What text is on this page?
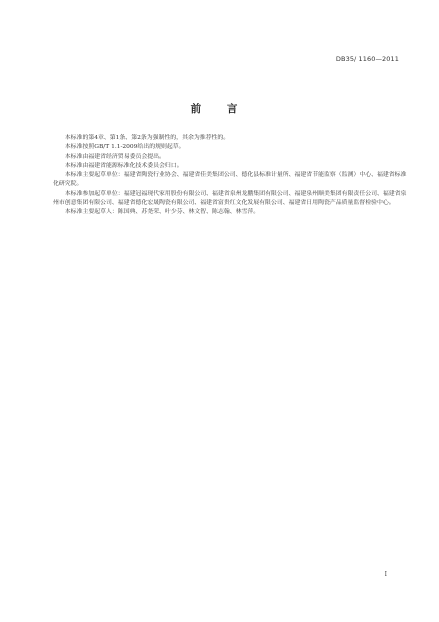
DB35/ 1160—2011
前 言

本标准的第4章、第1条、第2条为强制性的，其余为推荐性的。

本标准按照GB/T 1.1-2009给出的规则起草。

本标准由福建省经济贸易委员会提出。

本标准由福建省能源标准化技术委员会归口。

本标准主要起草单位：福建省陶瓷行业协会、福建省佳美集团公司、德化县标准计量所、福建省节能监察（监测）中心、福建省标准化研究院。

本标准参加起草单位：福建冠福现代家用股份有限公司、福建省泉州龙鹏集团有限公司、福建泉州顺美集团有限责任公司、福建省泉州市创意集团有限公司、福建省德化宏晟陶瓷有限公司、福建省富贵红文化发展有限公司、福建省日用陶瓷产品质量监督检验中心。

本标准主要起草人：陈国典、苏尧荣、叶少芬、林文智、陈志翰、林雪萍。

I
